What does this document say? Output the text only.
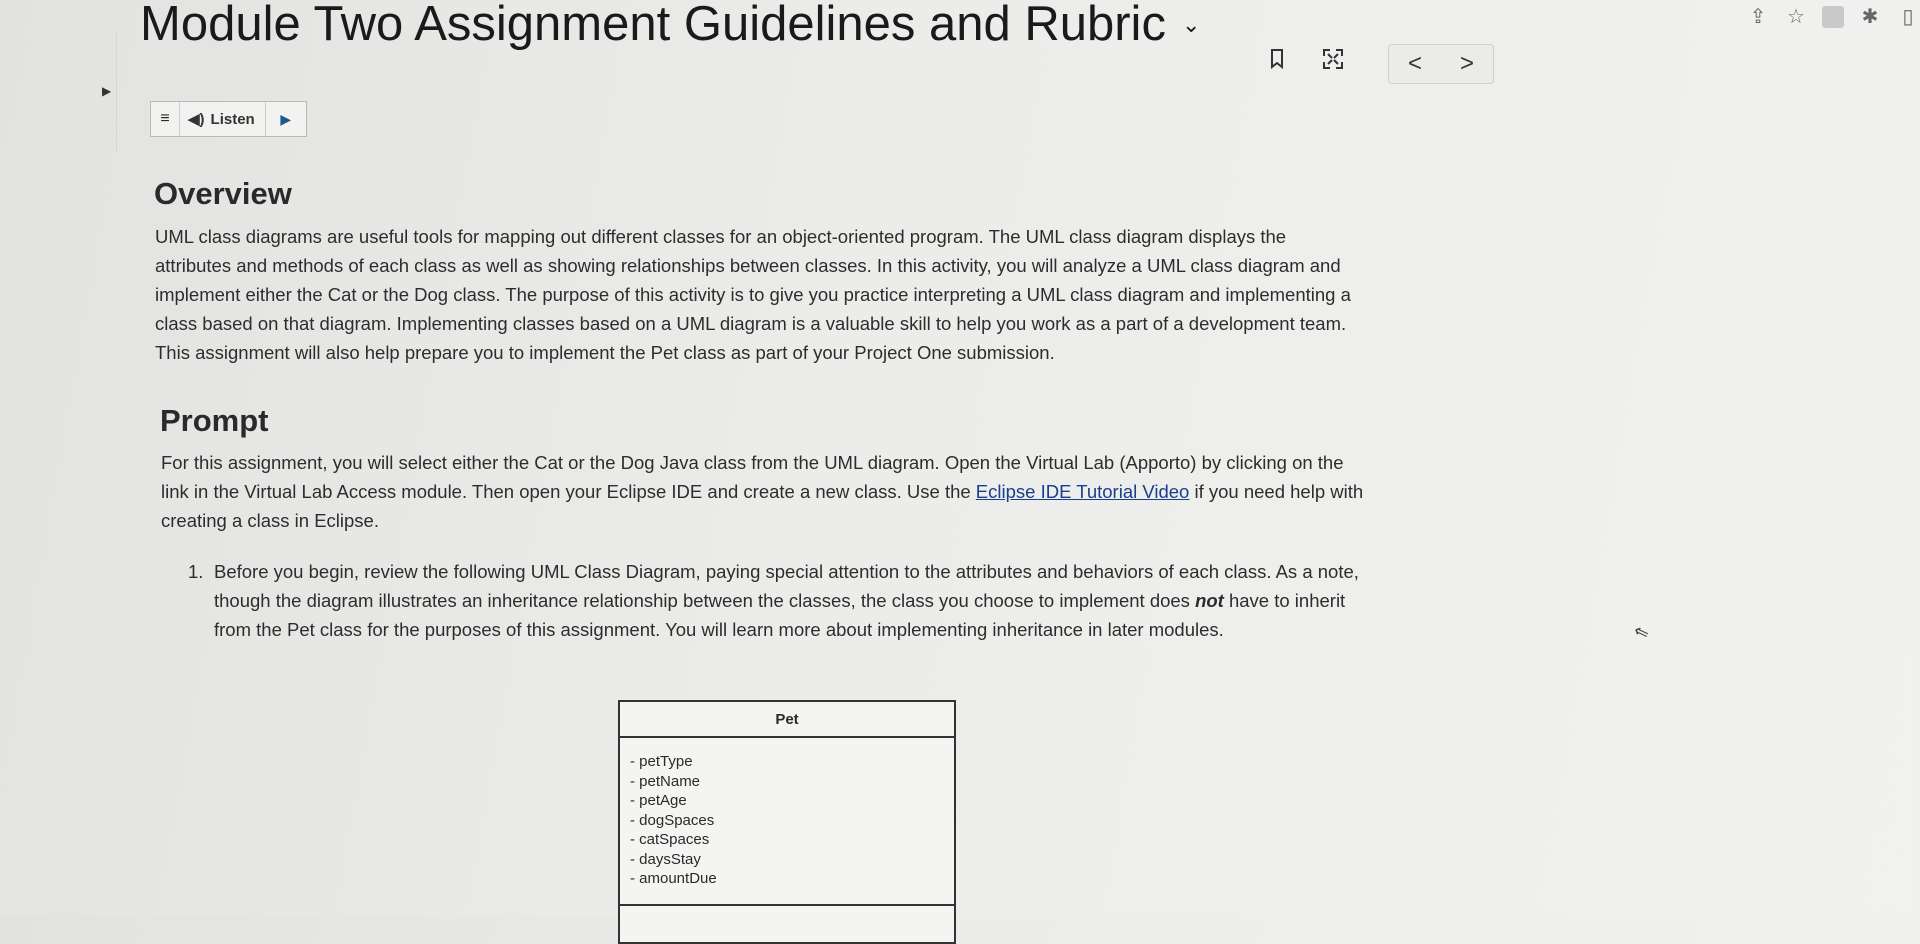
⇪ ☆	✱	▯
▶
Module Two Assignment Guidelines and Rubric ⌄
<	>
≡	◀) Listen	▶
Overview
UML class diagrams are useful tools for mapping out different classes for an object-oriented program. The UML class diagram displays the
attributes and methods of each class as well as showing relationships between classes. In this activity, you will analyze a UML class diagram and
implement either the Cat or the Dog class. The purpose of this activity is to give you practice interpreting a UML class diagram and implementing a
class based on that diagram. Implementing classes based on a UML diagram is a valuable skill to help you work as a part of a development team.
This assignment will also help prepare you to implement the Pet class as part of your Project One submission.
Prompt
For this assignment, you will select either the Cat or the Dog Java class from the UML diagram. Open the Virtual Lab (Apporto) by clicking on the
link in the Virtual Lab Access module. Then open your Eclipse IDE and create a new class. Use the Eclipse IDE Tutorial Video if you need help with
creating a class in Eclipse.
1. Before you begin, review the following UML Class Diagram, paying special attention to the attributes and behaviors of each class. As a note,
though the diagram illustrates an inheritance relationship between the classes, the class you choose to implement does not have to inherit
from the Pet class for the purposes of this assignment. You will learn more about implementing inheritance in later modules.
Pet
- petType
- petName
- petAge
- dogSpaces
- catSpaces
- daysStay
- amountDue
⇖
